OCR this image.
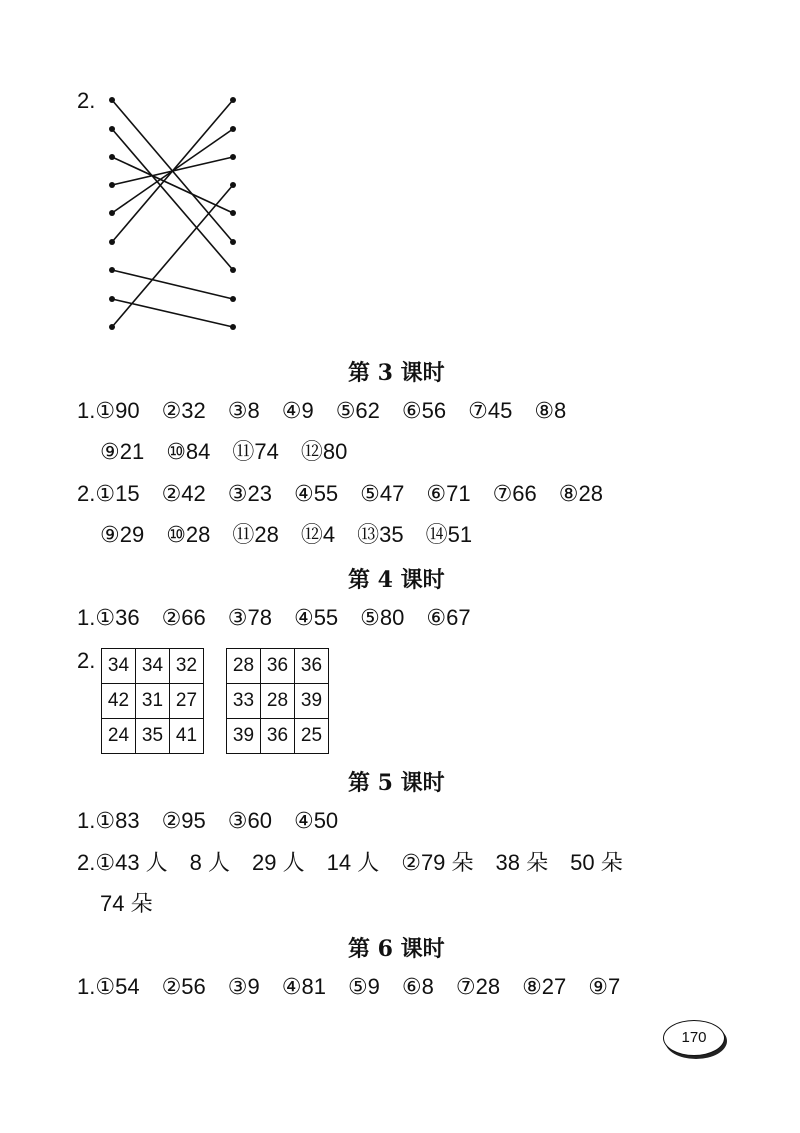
2.
第 3 课时
1.①90 ②32 ③8 ④9 ⑤62 ⑥56 ⑦45 ⑧8
⑨21 ⑩84 ⑪74 ⑫80
2.①15 ②42 ③23 ④55 ⑤47 ⑥71 ⑦66 ⑧28
⑨29 ⑩28 ⑪28 ⑫4 ⑬35 ⑭51
第 4 课时
1.①36 ②66 ③78 ④55 ⑤80 ⑥67
2. 34	34	32
42	31	27
24	35	41
28	36	36
33	28	39
39	36	25
第 5 课时
1.①83 ②95 ③60 ④50
2.①43 人 8 人 29 人 14 人 ②79 朵 38 朵 50 朵
74 朵
第 6 课时
1.①54 ②56 ③9 ④81 ⑤9 ⑥8 ⑦28 ⑧27 ⑨7
170
